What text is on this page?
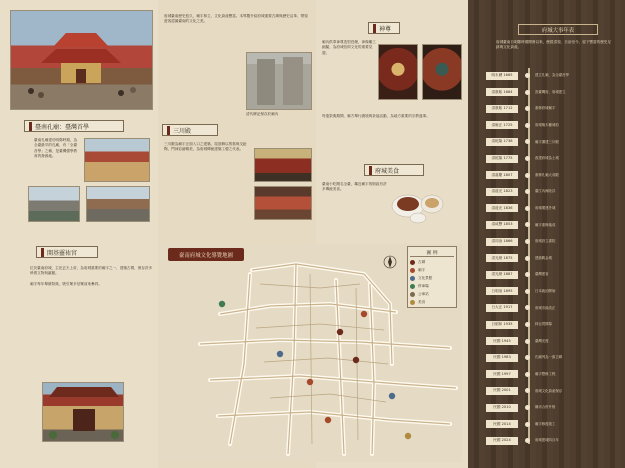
臺南孔廟：臺灣首學
臺南孔廟建於明鄭時期，為全臺最早的孔廟，有「全臺首學」之稱，是臺灣儒學教育的發源地。
開基靈祐宮
位於臺南府城，主祀玄天上帝，為府城重要的廟宇之一，建築古樸，保存許多珍貴文物與匾額。

廟宇每年舉辦祭典，吸引眾多信眾前來參拜。
府城臺南歷史悠久，廟宇林立，文化資產豐富。本導覽介紹府城重要古蹟與歷史沿革，帶領遊客認識臺南的文化之美。
清代碑記保存於廟內
三川殿
三川殿為廟宇正面入口之建築，屋頂飾以剪黏與交趾陶，門神彩繪精美，為府城傳統建築工藝之代表。
神尊
廟內供奉神尊造型莊嚴，神像雕工細膩，為府城信仰文化的重要見證。
每逢祭典期間，廟方舉行繞境與祈福活動，為地方重要的宗教盛事。
府城美食
臺南小吃聞名全臺，鄰近廟宇的街區有許多傳統美食。
臺南府城文化導覽地圖	圖 例
古蹟
廟宇
文化景點
停車場
公車站
美食
府城大事年表
府城臺南自明鄭時期開發以來，歷經清領、日治至今，留下豐富的歷史足跡與文化資產。
明永曆 1665	建立孔廟，為全臺首學
清康熙 1684	設臺灣府，府城建立
清康熙 1712	重修府城廟宇
清雍正 1725	府城築木柵城垣
清乾隆 1738	廟宇擴建三川殿
清乾隆 1775	改建府城為土城
清嘉慶 1807	重修孔廟大成殿
清道光 1823	臺江內海陸浮
清道光 1836	府城增建外城
清咸豐 1853	廟宇重修落成
清同治 1866	府城設立書院
清光緒 1875	建億載金城
清光緒 1887	臺灣建省
日明治 1895	日本統治開始
日大正 1917	府城市區改正
日昭和 1935	林百貨開幕
民國 1945	臺灣光復
民國 1983	孔廟列為一級古蹟
民國 1997	廟宇整修工程
民國 2001	府城文化資產保存
民國 2010	縣市合併升格
民國 2014	廟宇修復竣工
民國 2024	府城建城四百年
